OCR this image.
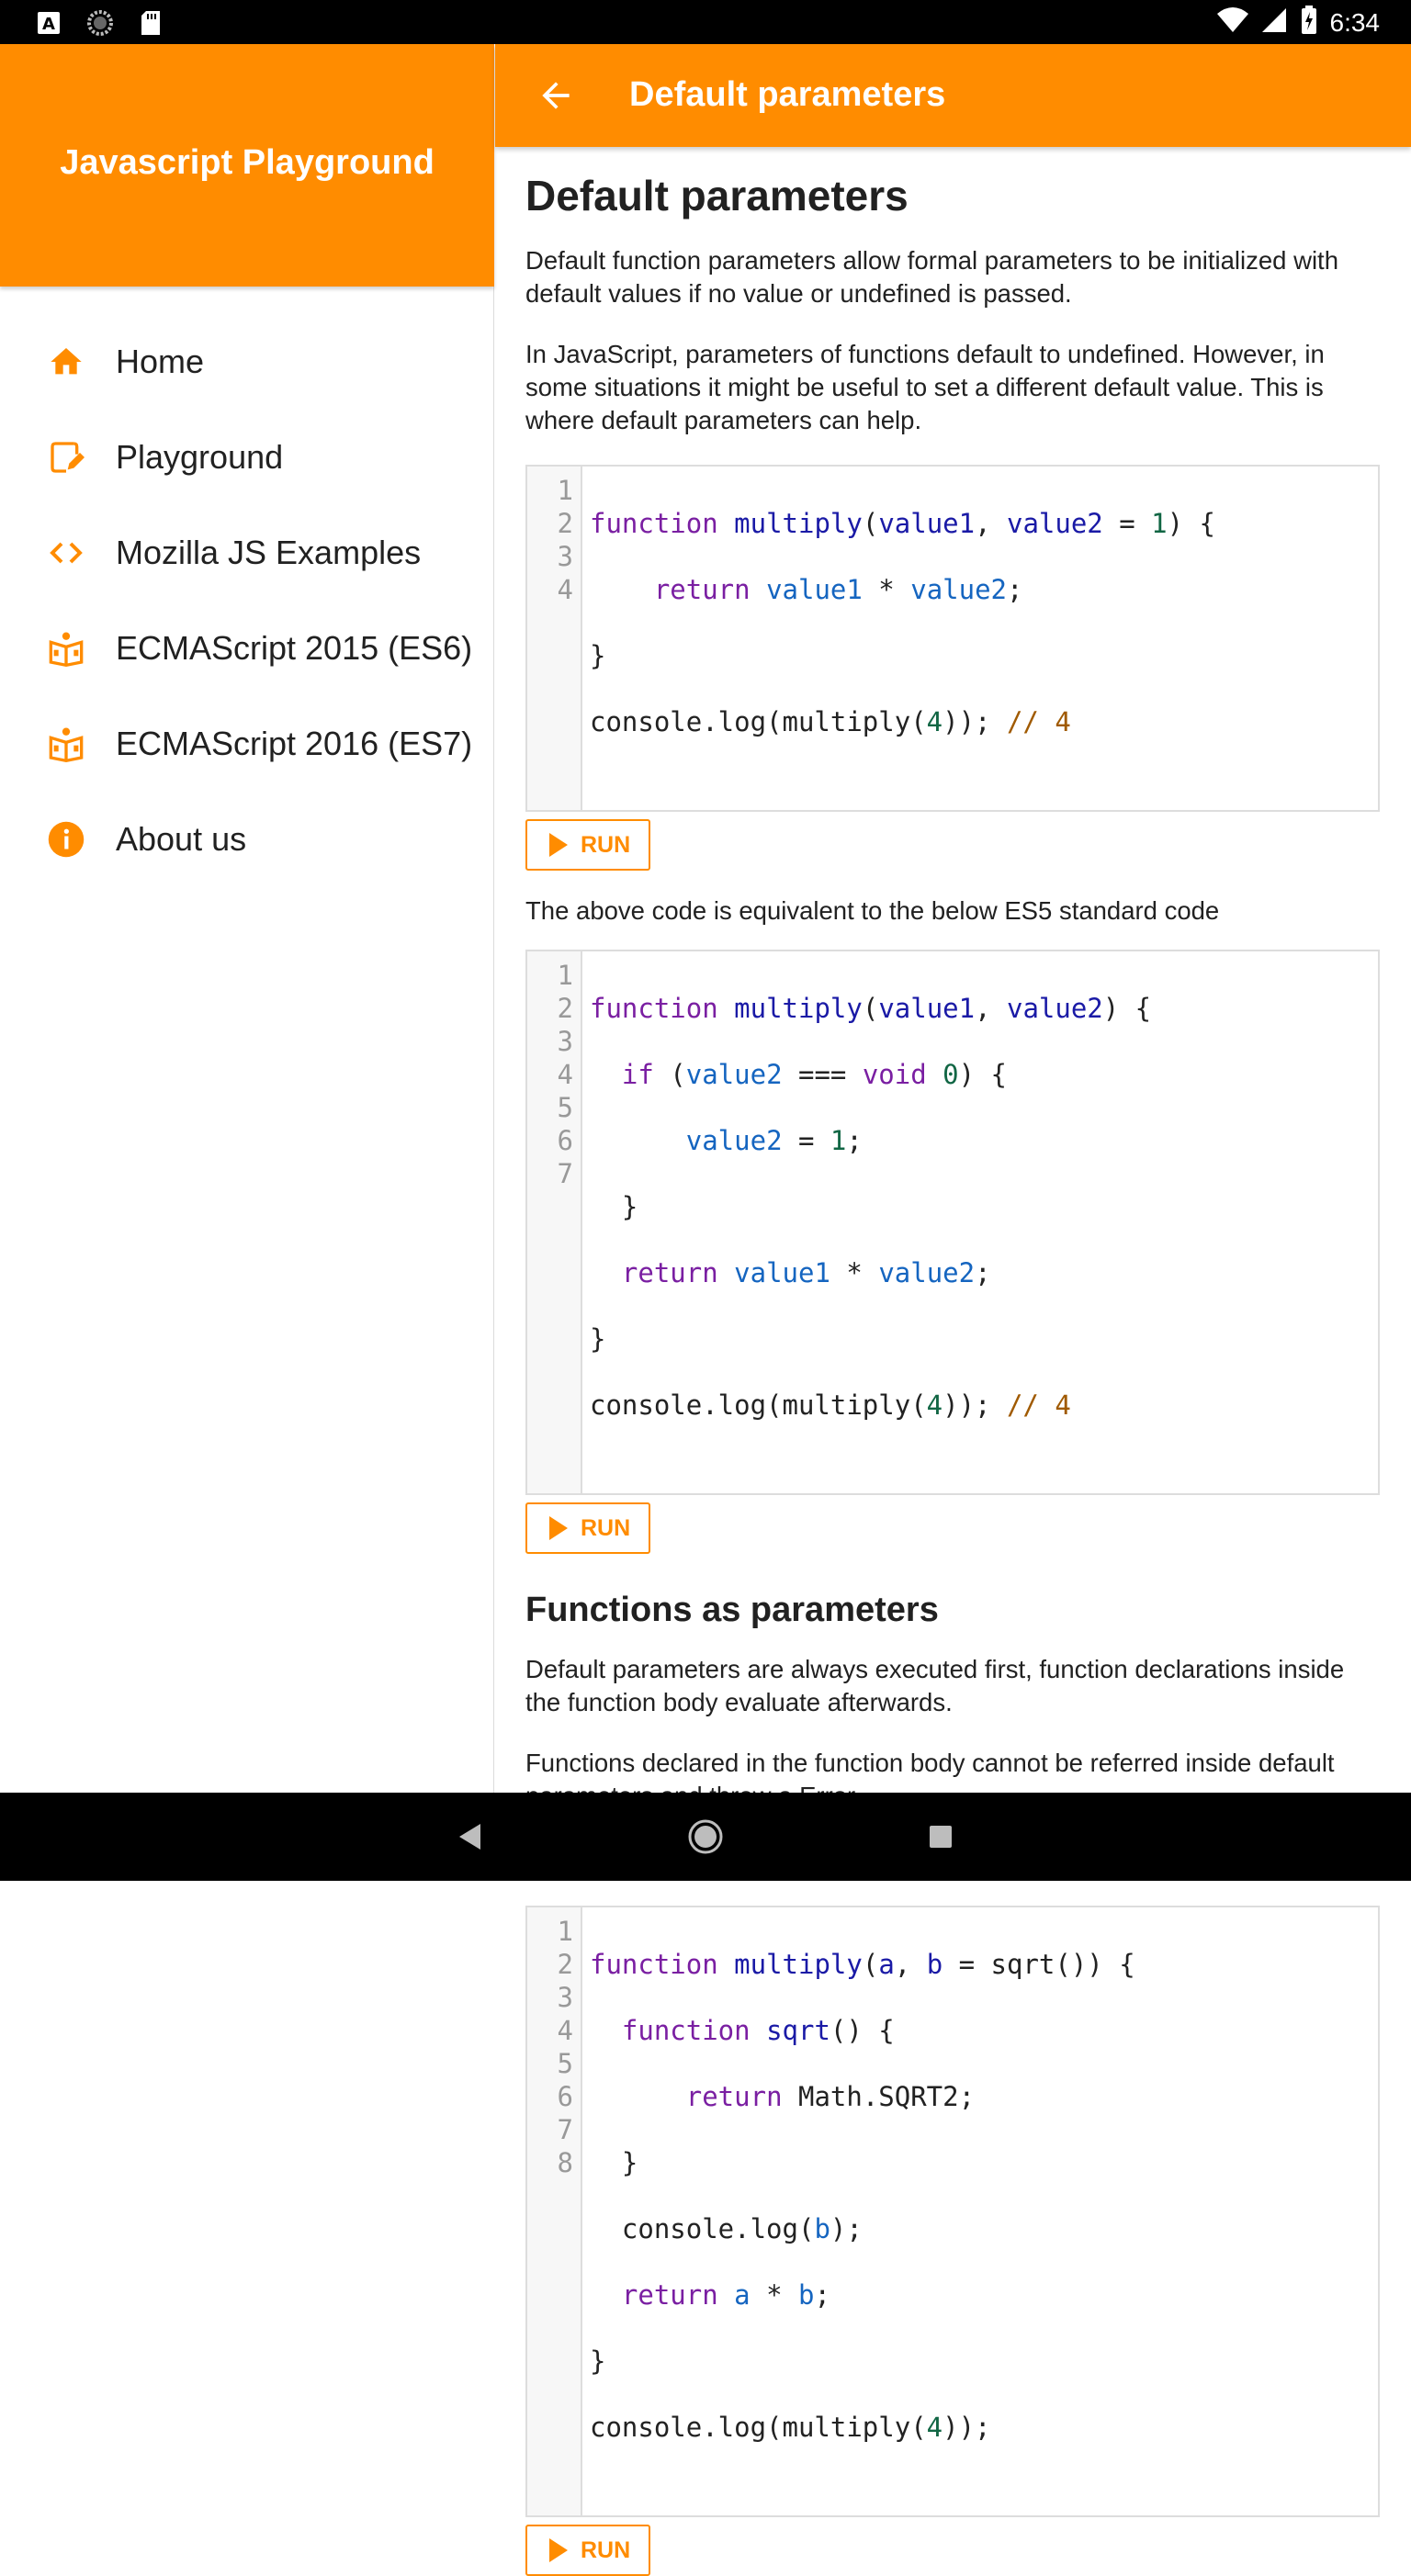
A	6:34
Javascript Playground
Home
Playground
Mozilla JS Examples
ECMAScript 2015 (ES6)
ECMAScript 2016 (ES7)
About us
Default parameters
Default parameters

Default function parameters allow formal parameters to be initialized with default values if no value or undefined is passed.

In JavaScript, parameters of functions default to undefined. However, in some situations it might be useful to set a different default value. This is where default parameters can help.

1
2
3
4

function multiply(value1, value2 = 1) {

return value1 * value2;

}

console.log(multiply(4)); // 4

RUN

The above code is equivalent to the below ES5 standard code

1
2
3
4
5
6
7

function multiply(value1, value2) {

if (value2 === void 0) {

value2 = 1;

}

return value1 * value2;

}

console.log(multiply(4)); // 4

RUN
Functions as parameters

Default parameters are always executed first, function declarations inside the function body evaluate afterwards.

Functions declared in the function body cannot be referred inside default

1
2
3
4
5
6
7
8

function multiply(a, b = sqrt()) {

function sqrt() {

return Math.SQRT2;

}

console.log(b);

return a * b;

}

console.log(multiply(4));

RUN
